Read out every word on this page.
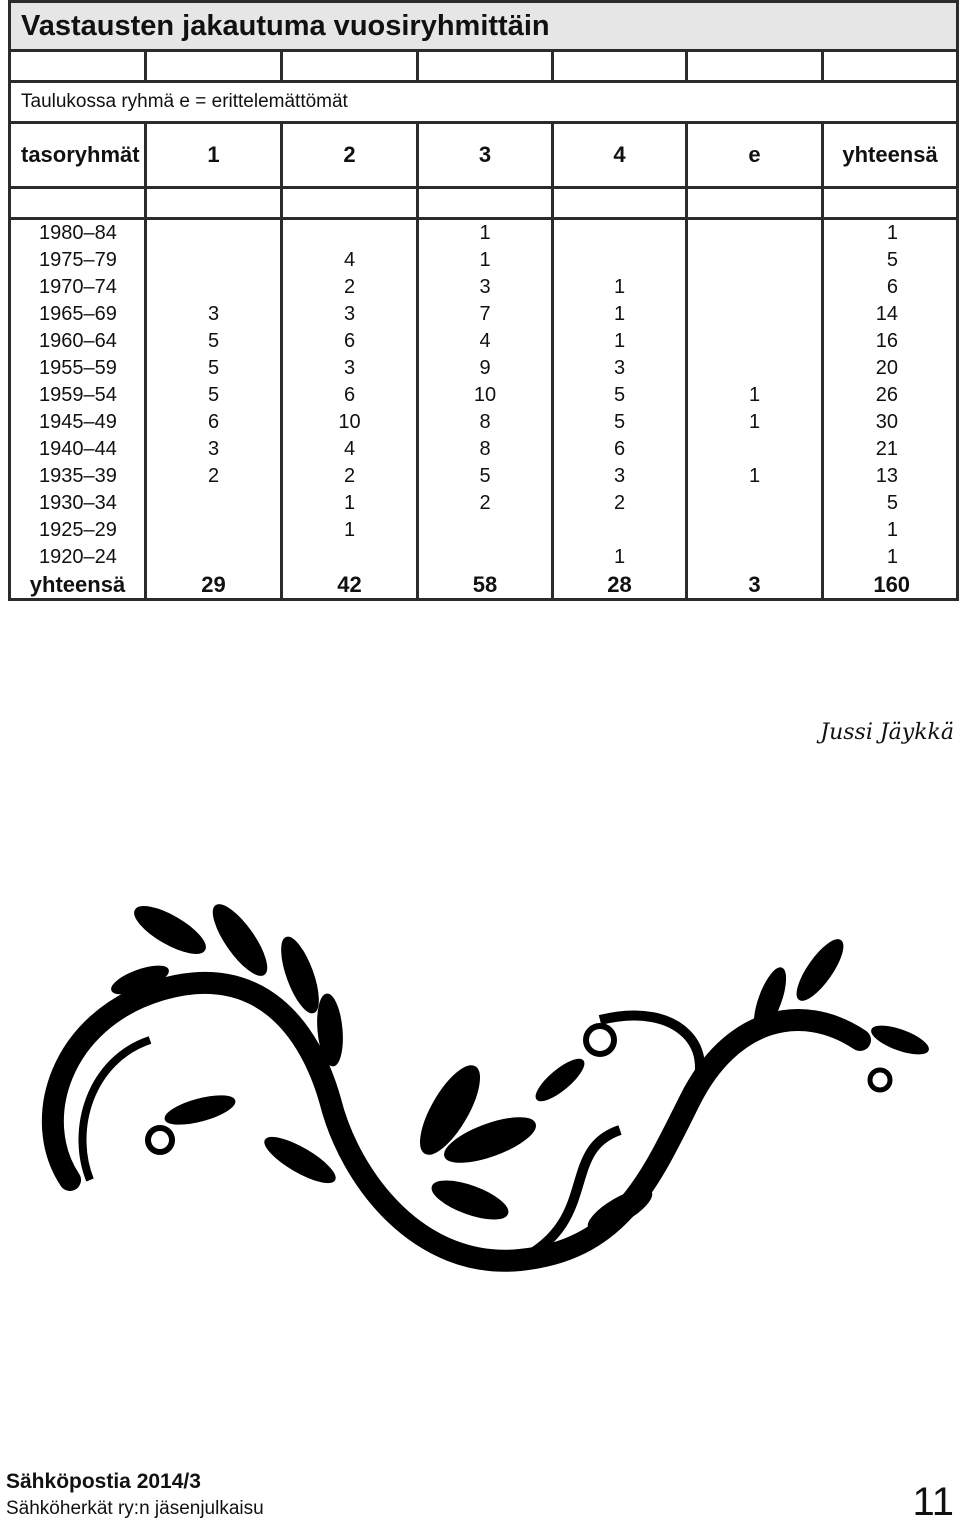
Vastausten jakautuma vuosiryhmittäin						

Taulukossa ryhmä e = erittelemättömät						
tasoryhmät	1	2	3	4	e	yhteensä

1980–84			1			1
1975–79		4	1			5
1970–74		2	3	1		6
1965–69	3	3	7	1		14
1960–64	5	6	4	1		16
1955–59	5	3	9	3		20
1959–54	5	6	10	5	1	26
1945–49	6	10	8	5	1	30
1940–44	3	4	8	6		21
1935–39	2	2	5	3	1	13
1930–34		1	2	2		5
1925–29		1				1
1920–24				1		1
yhteensä	29	42	58	28	3	160
Jussi Jäykkä
Sähköpostia 2014/3
Sähköherkät ry:n jäsenjulkaisu	11
